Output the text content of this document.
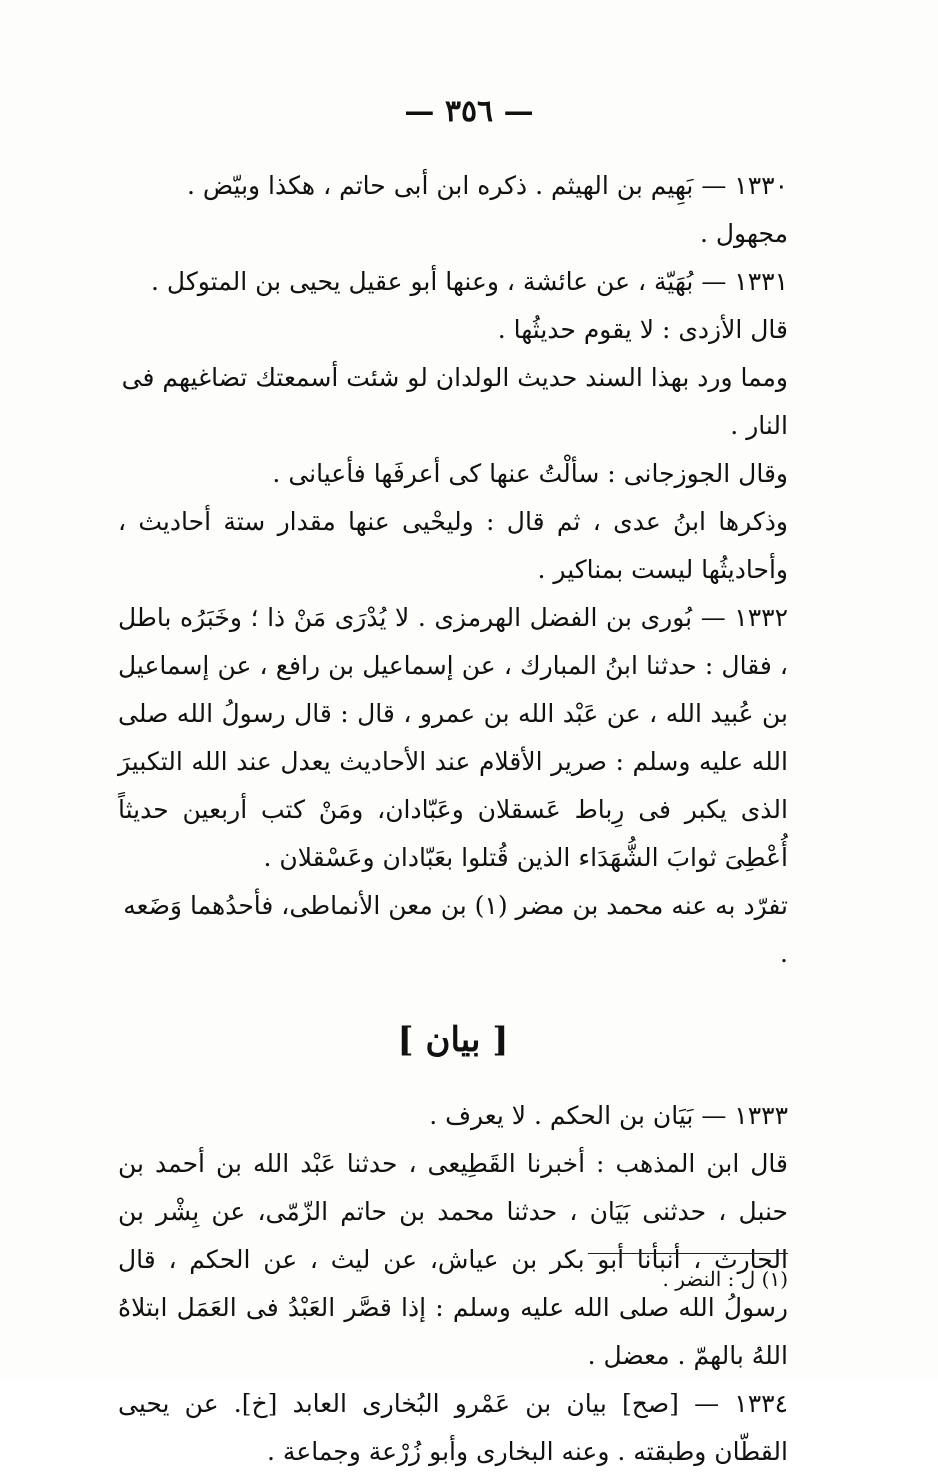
— ٣٥٦ —

١٣٣٠ — بَهِيم بن الهيثم . ذكره ابن أبى حاتم ، هكذا وبيّض . مجهول .

١٣٣١ — بُهَيّة ، عن عائشة ، وعنها أبو عقيل يحيى بن المتوكل .

قال الأزدى : لا يقوم حديثُها .

ومما ورد بهذا السند حديث الولدان لو شئت أسمعتك تضاغيهم فى النار .

وقال الجوزجانى : سألْتُ عنها كى أعرفَها فأعيانى .

وذكرها ابنُ عدى ، ثم قال : وليحْيى عنها مقدار ستة أحاديث ، وأحاديثُها ليست بمناكير .

١٣٣٢ — بُورى بن الفضل الهرمزى . لا يُدْرَى مَنْ ذا ؛ وخَبَرُه باطل ، فقال : حدثنا ابنُ المبارك ، عن إسماعيل بن رافع ، عن إسماعيل بن عُبيد الله ، عن عَبْد الله بن عمرو ، قال : قال رسولُ الله صلى الله عليه وسلم : صرير الأقلام عند الأحاديث يعدل عند الله التكبيرَ الذى يكبر فى رِباط عَسقلان وعَبّادان، ومَنْ كتب أربعين حديثاً أُعْطِىَ ثوابَ الشُّهَدَاء الذين قُتلوا بعَبّادان وعَسْقلان .

تفرّد به عنه محمد بن مضر (١) بن معن الأنماطى، فأحدُهما وَضَعه .

[ بيان ]

١٣٣٣ — بَيَان بن الحكم . لا يعرف .

قال ابن المذهب : أخبرنا القَطِيعى ، حدثنا عَبْد الله بن أحمد بن حنبل ، حدثنى بَيَان ، حدثنا محمد بن حاتم الزّمّى، عن بِشْر بن الحارث ، أنبأنا أبو بكر بن عياش، عن ليث ، عن الحكم ، قال رسولُ الله صلى الله عليه وسلم : إذا قصَّر العَبْدُ فى العَمَل ابتلاهُ اللهُ بالهمّ . معضل .

١٣٣٤ — [صح] بيان بن عَمْرو البُخارى العابد [خ]. عن يحيى القطّان وطبقته . وعنه البخارى وأبو زُرْعة وجماعة .

(١) ل : النضر .
